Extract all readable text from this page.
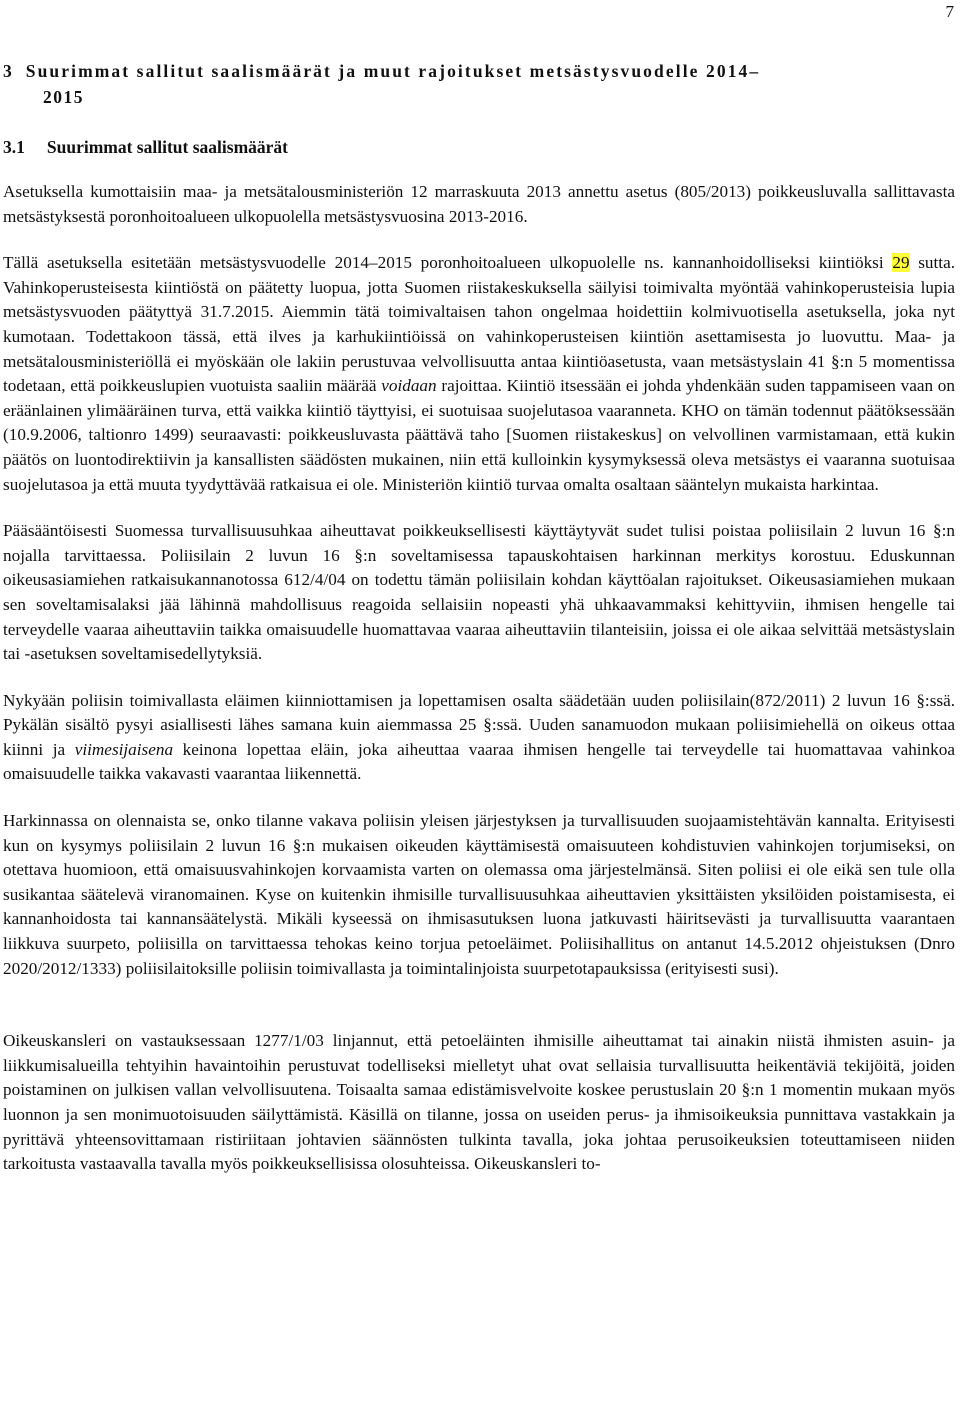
7
3 Suurimmat sallitut saalismäärät ja muut rajoitukset metsästysvuodelle 2014–
2015
3.1 Suurimmat sallitut saalismäärät

Asetuksella kumottaisiin maa- ja metsätalousministeriön 12 marraskuuta 2013 annettu asetus (805/2013) poikkeusluvalla sallittavasta metsästyksestä poronhoitoalueen ulkopuolella metsästysvuosina 2013-2016.

Tällä asetuksella esitetään metsästysvuodelle 2014–2015 poronhoitoalueen ulkopuolelle ns. kannanhoidolliseksi kiintiöksi 29 sutta. Vahinkoperusteisesta kiintiöstä on päätetty luopua, jotta Suomen riistakeskuksella säilyisi toimivalta myöntää vahinkoperusteisia lupia metsästysvuoden päätyttyä 31.7.2015. Aiemmin tätä toimivaltaisen tahon ongelmaa hoidettiin kolmivuotisella asetuksella, joka nyt kumotaan. Todettakoon tässä, että ilves ja karhukiintiöissä on vahinkoperusteisen kiintiön asettamisesta jo luovuttu. Maa- ja metsätalousministeriöllä ei myöskään ole lakiin perustuvaa velvollisuutta antaa kiintiöasetusta, vaan metsästyslain 41 §:n 5 momentissa todetaan, että poikkeuslupien vuotuista saaliin määrää voidaan rajoittaa. Kiintiö itsessään ei johda yhdenkään suden tappamiseen vaan on eräänlainen ylimääräinen turva, että vaikka kiintiö täyttyisi, ei suotuisaa suojelutasoa vaaranneta. KHO on tämän todennut päätöksessään (10.9.2006, taltionro 1499) seuraavasti: poikkeusluvasta päättävä taho [Suomen riistakeskus] on velvollinen varmistamaan, että kukin päätös on luontodirektiivin ja kansallisten säädösten mukainen, niin että kulloinkin kysymyksessä oleva metsästys ei vaaranna suotuisaa suojelutasoa ja että muuta tyydyttävää ratkaisua ei ole. Ministeriön kiintiö turvaa omalta osaltaan sääntelyn mukaista harkintaa.

Pääsääntöisesti Suomessa turvallisuusuhkaa aiheuttavat poikkeuksellisesti käyttäytyvät sudet tulisi poistaa poliisilain 2 luvun 16 §:n nojalla tarvittaessa. Poliisilain 2 luvun 16 §:n soveltamisessa tapauskohtaisen harkinnan merkitys korostuu. Eduskunnan oikeusasiamiehen ratkaisukannanotossa 612/4/04 on todettu tämän poliisilain kohdan käyttöalan rajoitukset. Oikeusasiamiehen mukaan sen soveltamisalaksi jää lähinnä mahdollisuus reagoida sellaisiin nopeasti yhä uhkaavammaksi kehittyviin, ihmisen hengelle tai terveydelle vaaraa aiheuttaviin taikka omaisuudelle huomattavaa vaaraa aiheuttaviin tilanteisiin, joissa ei ole aikaa selvittää metsästyslain tai -asetuksen soveltamisedellytyksiä.

Nykyään poliisin toimivallasta eläimen kiinniottamisen ja lopettamisen osalta säädetään uuden poliisilain(872/2011) 2 luvun 16 §:ssä. Pykälän sisältö pysyi asiallisesti lähes samana kuin aiemmassa 25 §:ssä. Uuden sanamuodon mukaan poliisimiehellä on oikeus ottaa kiinni ja viimesijaisena keinona lopettaa eläin, joka aiheuttaa vaaraa ihmisen hengelle tai terveydelle tai huomattavaa vahinkoa omaisuudelle taikka vakavasti vaarantaa liikennettä.

Harkinnassa on olennaista se, onko tilanne vakava poliisin yleisen järjestyksen ja turvallisuuden suojaamistehtävän kannalta. Erityisesti kun on kysymys poliisilain 2 luvun 16 §:n mukaisen oikeuden käyttämisestä omaisuuteen kohdistuvien vahinkojen torjumiseksi, on otettava huomioon, että omaisuusvahinkojen korvaamista varten on olemassa oma järjestelmänsä. Siten poliisi ei ole eikä sen tule olla susikantaa säätelevä viranomainen. Kyse on kuitenkin ihmisille turvallisuusuhkaa aiheuttavien yksittäisten yksilöiden poistamisesta, ei kannanhoidosta tai kannansäätelystä. Mikäli kyseessä on ihmisasutuksen luona jatkuvasti häiritsevästi ja turvallisuutta vaarantaen liikkuva suurpeto, poliisilla on tarvittaessa tehokas keino torjua petoeläimet. Poliisihallitus on antanut 14.5.2012 ohjeistuksen (Dnro 2020/2012/1333) poliisilaitoksille poliisin toimivallasta ja toimintalinjoista suurpetotapauksissa (erityisesti susi).

Oikeuskansleri on vastauksessaan 1277/1/03 linjannut, että petoeläinten ihmisille aiheuttamat tai ainakin niistä ihmisten asuin- ja liikkumisalueilla tehtyihin havaintoihin perustuvat todelliseksi mielletyt uhat ovat sellaisia turvallisuutta heikentäviä tekijöitä, joiden poistaminen on julkisen vallan velvollisuutena. Toisaalta samaa edistämisvelvoite koskee perustuslain 20 §:n 1 momentin mukaan myös luonnon ja sen monimuotoisuuden säilyttämistä. Käsillä on tilanne, jossa on useiden perus- ja ihmisoikeuksia punnittava vastakkain ja pyrittävä yhteensovittamaan ristiriitaan johtavien säännösten tulkinta tavalla, joka johtaa perusoikeuksien toteuttamiseen niiden tarkoitusta vastaavalla tavalla myös poikkeuksellisissa olosuhteissa. Oikeuskansleri to-
